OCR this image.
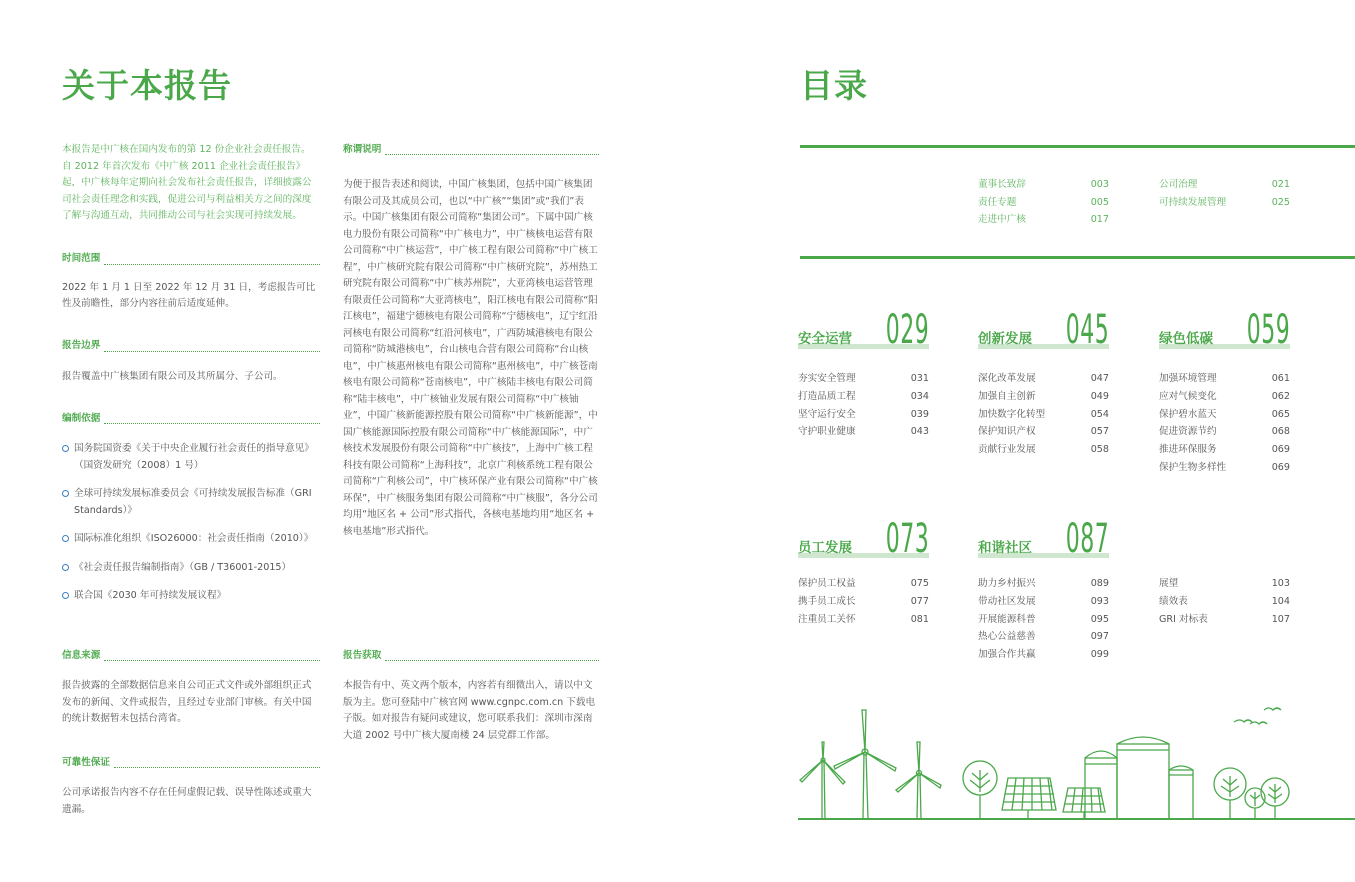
关于本报告

本报告是中广核在国内发布的第 12 份企业社会责任报告。自 2012 年首次发布《中广核 2011 企业社会责任报告》起，中广核每年定期向社会发布社会责任报告，详细披露公司社会责任理念和实践，促进公司与利益相关方之间的深度了解与沟通互动，共同推动公司与社会实现可持续发展。

时间范围

2022 年 1 月 1 日至 2022 年 12 月 31 日，考虑报告可比性及前瞻性，部分内容往前后适度延伸。

报告边界

报告覆盖中广核集团有限公司及其所属分、子公司。

编制依据
国务院国资委《关于中央企业履行社会责任的指导意见》（国资发研究（2008）1 号）
全球可持续发展标准委员会《可持续发展报告标准（GRI Standards）》
国际标准化组织《ISO26000：社会责任指南（2010）》
《社会责任报告编制指南》（GB / T36001-2015）
联合国《2030 年可持续发展议程》
信息来源

报告披露的全部数据信息来自公司正式文件或外部组织正式发布的新闻、文件或报告，且经过专业部门审核。有关中国的统计数据暂未包括台湾省。

可靠性保证

公司承诺报告内容不存在任何虚假记载、误导性陈述或重大遗漏。

称谓说明

为便于报告表述和阅读，中国广核集团，包括中国广核集团有限公司及其成员公司，也以“中广核”“集团”或“我们”表示。中国广核集团有限公司简称“集团公司”。下属中国广核电力股份有限公司简称“中广核电力”，中广核核电运营有限公司简称“中广核运营”，中广核工程有限公司简称“中广核工程”，中广核研究院有限公司简称“中广核研究院”，苏州热工研究院有限公司简称“中广核苏州院”，大亚湾核电运营管理有限责任公司简称“大亚湾核电”，阳江核电有限公司简称“阳江核电”，福建宁德核电有限公司简称“宁德核电”，辽宁红沿河核电有限公司简称“红沿河核电”，广西防城港核电有限公司简称“防城港核电”，台山核电合营有限公司简称“台山核电”，中广核惠州核电有限公司简称“惠州核电”，中广核苍南核电有限公司简称“苍南核电”，中广核陆丰核电有限公司简称“陆丰核电”，中广核铀业发展有限公司简称“中广核铀业”，中国广核新能源控股有限公司简称“中广核新能源”，中国广核能源国际控股有限公司简称“中广核能源国际”，中广核技术发展股份有限公司简称“中广核技”，上海中广核工程科技有限公司简称“上海科技”，北京广利核系统工程有限公司简称“广利核公司”，中广核环保产业有限公司简称“中广核环保”，中广核服务集团有限公司简称“中广核服”，各分公司均用“地区名 + 公司”形式指代，各核电基地均用“地区名 + 核电基地”形式指代。

报告获取

本报告有中、英文两个版本，内容若有细微出入，请以中文版为主。您可登陆中广核官网 www.cgnpc.com.cn 下载电子版。如对报告有疑问或建议，您可联系我们：深圳市深南大道 2002 号中广核大厦南楼 24 层党群工作部。

目录
董事长致辞	003
责任专题	005
走进中广核	017
公司治理	021
可持续发展管理	025
安全运营 029
夯实安全管理	031
打造品质工程	034
坚守运行安全	039
守护职业健康	043
创新发展 045
深化改革发展	047
加强自主创新	049
加快数字化转型	054
保护知识产权	057
贡献行业发展	058
绿色低碳 059
加强环境管理	061
应对气候变化	062
保护碧水蓝天	065
促进资源节约	068
推进环保服务	069
保护生物多样性	069
员工发展 073
保护员工权益	075
携手员工成长	077
注重员工关怀	081
和谐社区 087
助力乡村振兴	089
带动社区发展	093
开展能源科普	095
热心公益慈善	097
加强合作共赢	099
展望	103
绩效表	104
GRI 对标表	107
